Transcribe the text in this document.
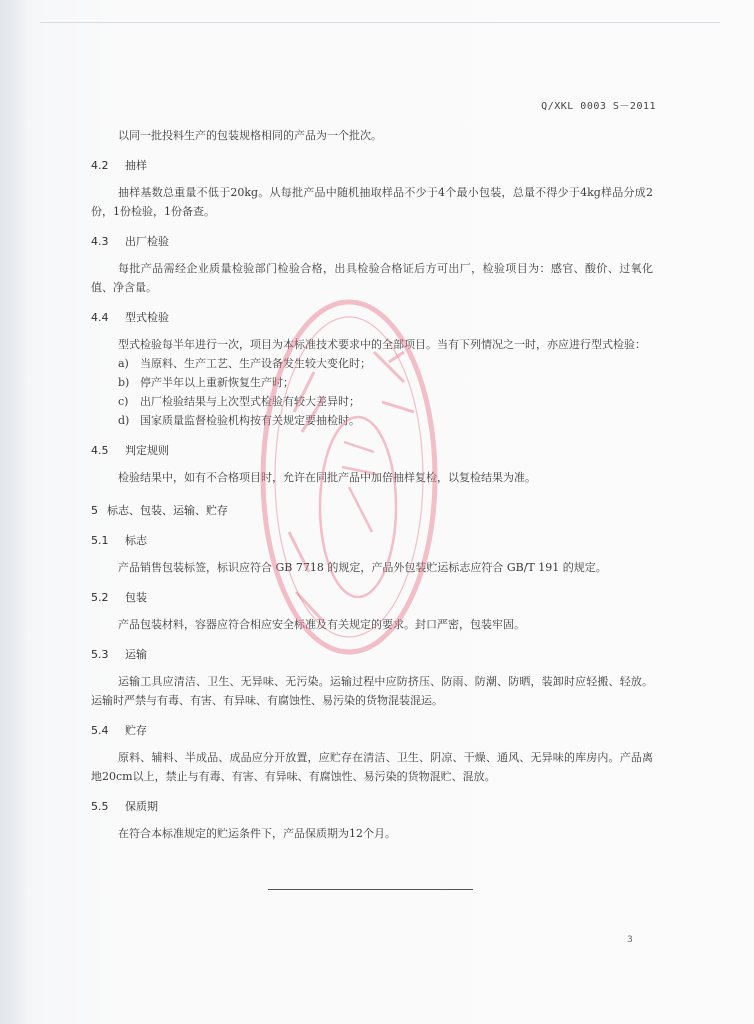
Q/XKL 0003 S－2011

以同一批投料生产的包装规格相同的产品为一个批次。

4.2 抽样

抽样基数总重量不低于20kg。从每批产品中随机抽取样品不少于4个最小包装，总量不得少于4kg样品分成2份，1份检验，1份备查。

4.3 出厂检验

每批产品需经企业质量检验部门检验合格，出具检验合格证后方可出厂，检验项目为：感官、酸价、过氧化值、净含量。

4.4 型式检验

型式检验每半年进行一次，项目为本标准技术要求中的全部项目。当有下列情况之一时，亦应进行型式检验：

a)	当原料、生产工艺、生产设备发生较大变化时；
b) 停产半年以上重新恢复生产时；
c)	出厂检验结果与上次型式检验有较大差异时；
d) 国家质量监督检验机构按有关规定要抽检时。
4.5 判定规则

检验结果中，如有不合格项目时，允许在同批产品中加倍抽样复检，以复检结果为准。

5 标志、包装、运输、贮存
5.1 标志

产品销售包装标签，标识应符合 GB 7718 的规定，产品外包装贮运标志应符合 GB/T 191 的规定。

5.2 包装

产品包装材料，容器应符合相应安全标准及有关规定的要求。封口严密，包装牢固。

5.3 运输

运输工具应清洁、卫生、无异味、无污染。运输过程中应防挤压、防雨、防潮、防晒，装卸时应轻搬、轻放。运输时严禁与有毒、有害、有异味、有腐蚀性、易污染的货物混装混运。

5.4 贮存

原料、辅料、半成品、成品应分开放置，应贮存在清洁、卫生、阴凉、干燥、通风、无异味的库房内。产品离地20cm以上，禁止与有毒、有害、有异味、有腐蚀性、易污染的货物混贮、混放。

5.5 保质期

在符合本标准规定的贮运条件下，产品保质期为12个月。

3
